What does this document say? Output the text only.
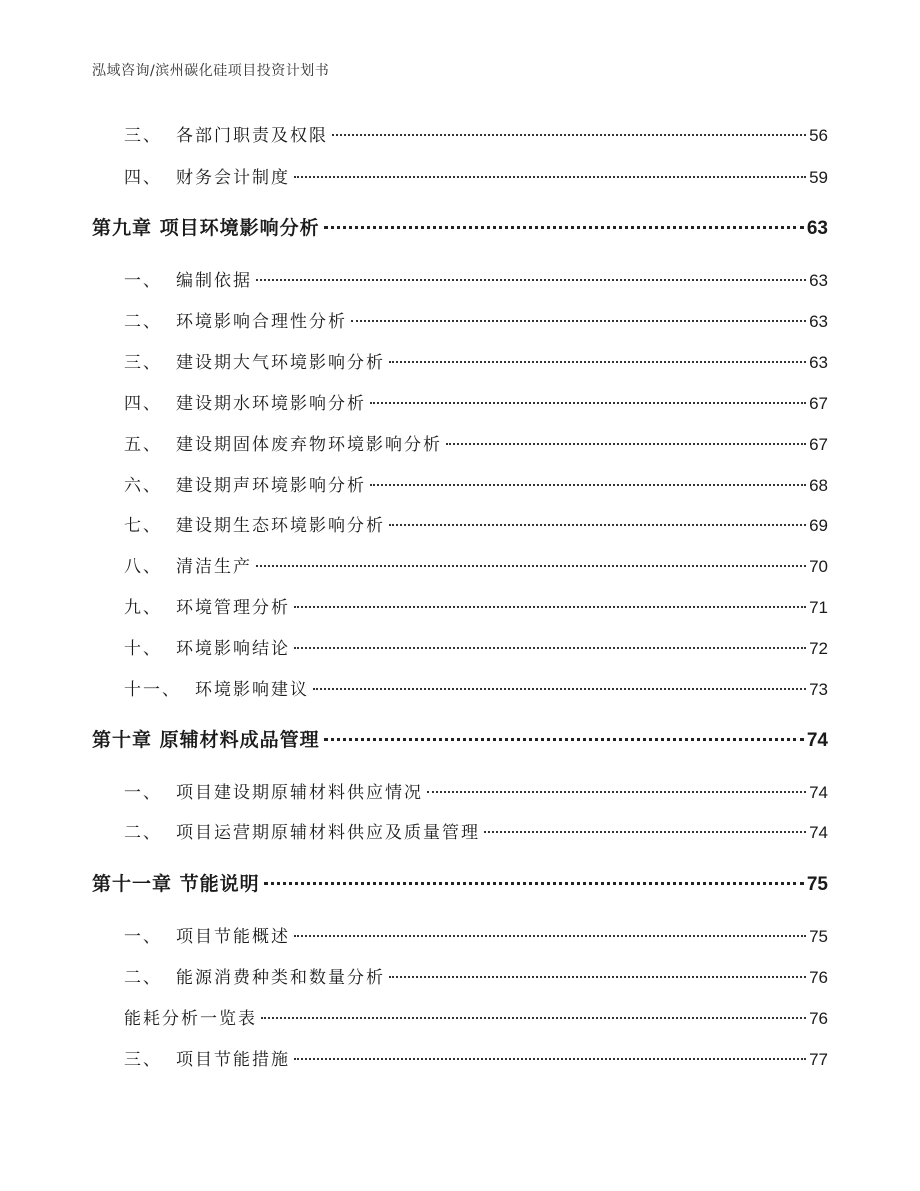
泓域咨询/滨州碳化硅项目投资计划书
三、 各部门职责及权限	56
四、 财务会计制度	59
第九章 项目环境影响分析	63
一、 编制依据	63
二、 环境影响合理性分析	63
三、 建设期大气环境影响分析	63
四、 建设期水环境影响分析	67
五、 建设期固体废弃物环境影响分析	67
六、 建设期声环境影响分析	68
七、 建设期生态环境影响分析	69
八、 清洁生产	70
九、 环境管理分析	71
十、 环境影响结论	72
十一、 环境影响建议	73
第十章 原辅材料成品管理	74
一、 项目建设期原辅材料供应情况	74
二、 项目运营期原辅材料供应及质量管理	74
第十一章 节能说明	75
一、 项目节能概述	75
二、 能源消费种类和数量分析	76
能耗分析一览表	76
三、 项目节能措施	77
